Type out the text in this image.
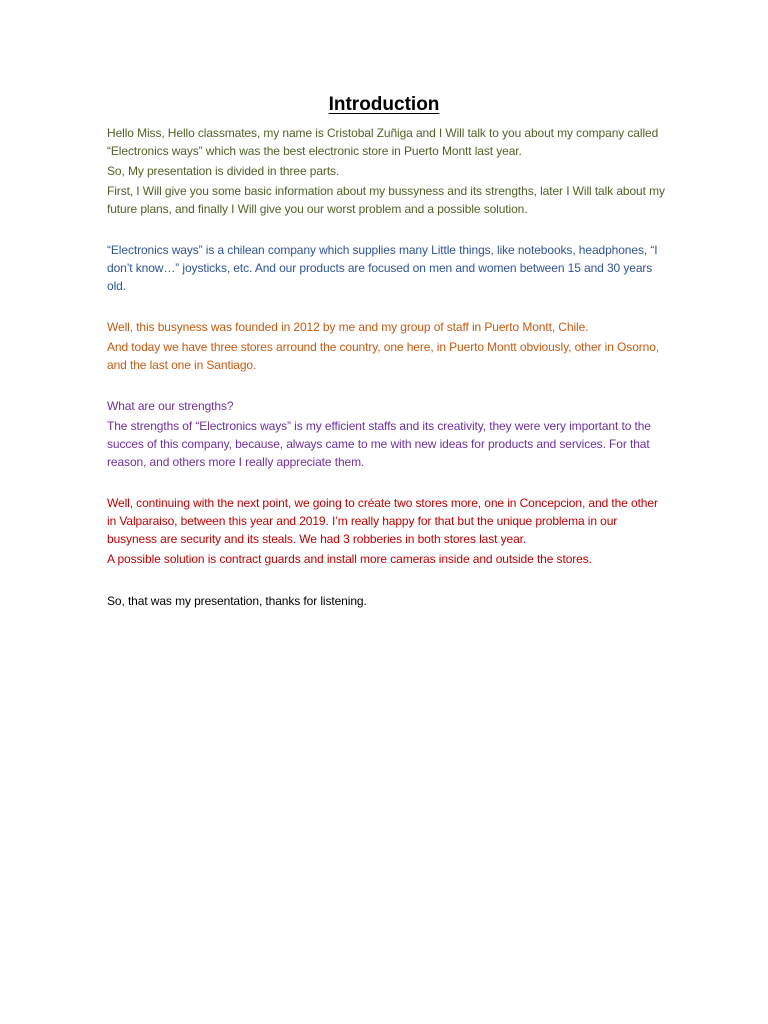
Introduction

Hello Miss, Hello classmates, my name is Cristobal Zuñiga and I Will talk to you about my company called “Electronics ways” which was the best electronic store in Puerto Montt last year.

So, My presentation is divided in three parts.

First, I Will give you some basic information about my bussyness and its strengths, later I Will talk about my future plans, and finally I Will give you our worst problem and a possible solution.

“Electronics ways” is a chilean company which supplies many Little things, like notebooks, headphones, “I don’t know…” joysticks, etc. And our products are focused on men and women between 15 and 30 years old.

Well, this busyness was founded in 2012 by me and my group of staff in Puerto Montt, Chile.

And today we have three stores arround the country, one here, in Puerto Montt obviously, other in Osorno, and the last one in Santiago.

What are our strengths?

The strengths of “Electronics ways” is my efficient staffs and its creativity, they were very important to the succes of this company, because, always came to me with new ideas for products and services. For that reason, and others more I really appreciate them.

Well, continuing with the next point, we going to créate two stores more, one in Concepcion, and the other in Valparaiso, between this year and 2019. I’m really happy for that but the unique problema in our busyness are security and its steals. We had 3 robberies in both stores last year.

A possible solution is contract guards and install more cameras inside and outside the stores.

So, that was my presentation, thanks for listening.
